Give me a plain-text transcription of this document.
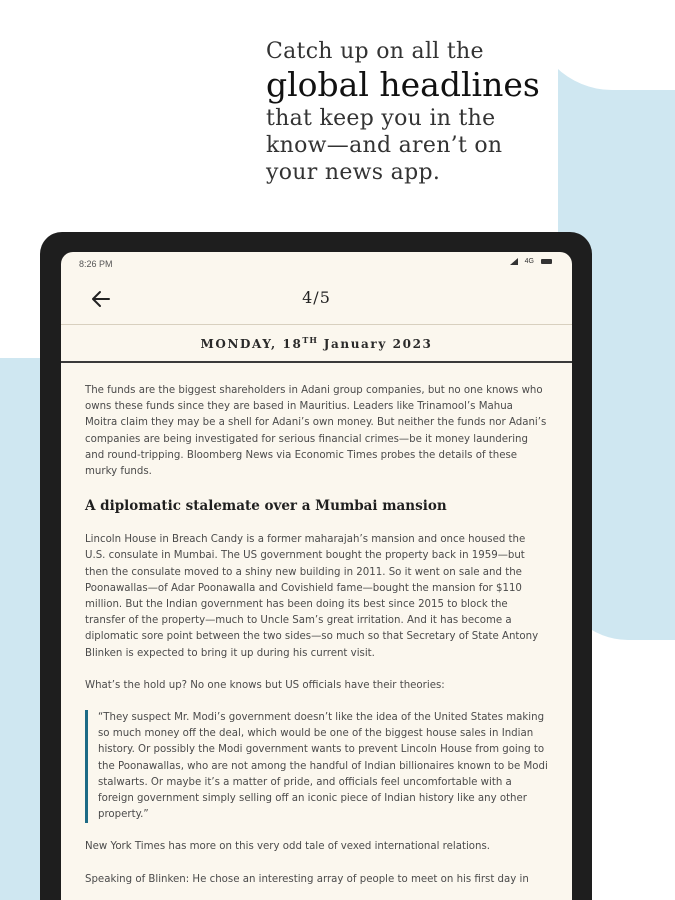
Catch up on all the
global headlines
that keep you in the
know—and aren’t on
your news app.
8:26 PM	4G
4/5
MONDAY, 18TH January 2023

The funds are the biggest shareholders in Adani group companies, but no one knows who owns these funds since they are based in Mauritius. Leaders like Trinamool’s Mahua Moitra claim they may be a shell for Adani’s own money. But neither the funds nor Adani’s companies are being investigated for serious financial crimes—be it money laundering and round-tripping. Bloomberg News via Economic Times probes the details of these murky funds.

A diplomatic stalemate over a Mumbai mansion

Lincoln House in Breach Candy is a former maharajah’s mansion and once housed the U.S. consulate in Mumbai. The US government bought the property back in 1959—but then the consulate moved to a shiny new building in 2011. So it went on sale and the Poonawallas—of Adar Poonawalla and Covishield fame—bought the mansion for $110 million. But the Indian government has been doing its best since 2015 to block the transfer of the property—much to Uncle Sam’s great irritation. And it has become a diplomatic sore point between the two sides—so much so that Secretary of State Antony Blinken is expected to bring it up during his current visit.

What’s the hold up? No one knows but US officials have their theories:

“They suspect Mr. Modi’s government doesn’t like the idea of the United States making so much money off the deal, which would be one of the biggest house sales in Indian history. Or possibly the Modi government wants to prevent Lincoln House from going to the Poonawallas, who are not among the handful of Indian billionaires known to be Modi stalwarts. Or maybe it’s a matter of pride, and officials feel uncomfortable with a foreign government simply selling off an iconic piece of Indian history like any other property.”

New York Times has more on this very odd tale of vexed international relations.

Speaking of Blinken: He chose an interesting array of people to meet on his first day in
